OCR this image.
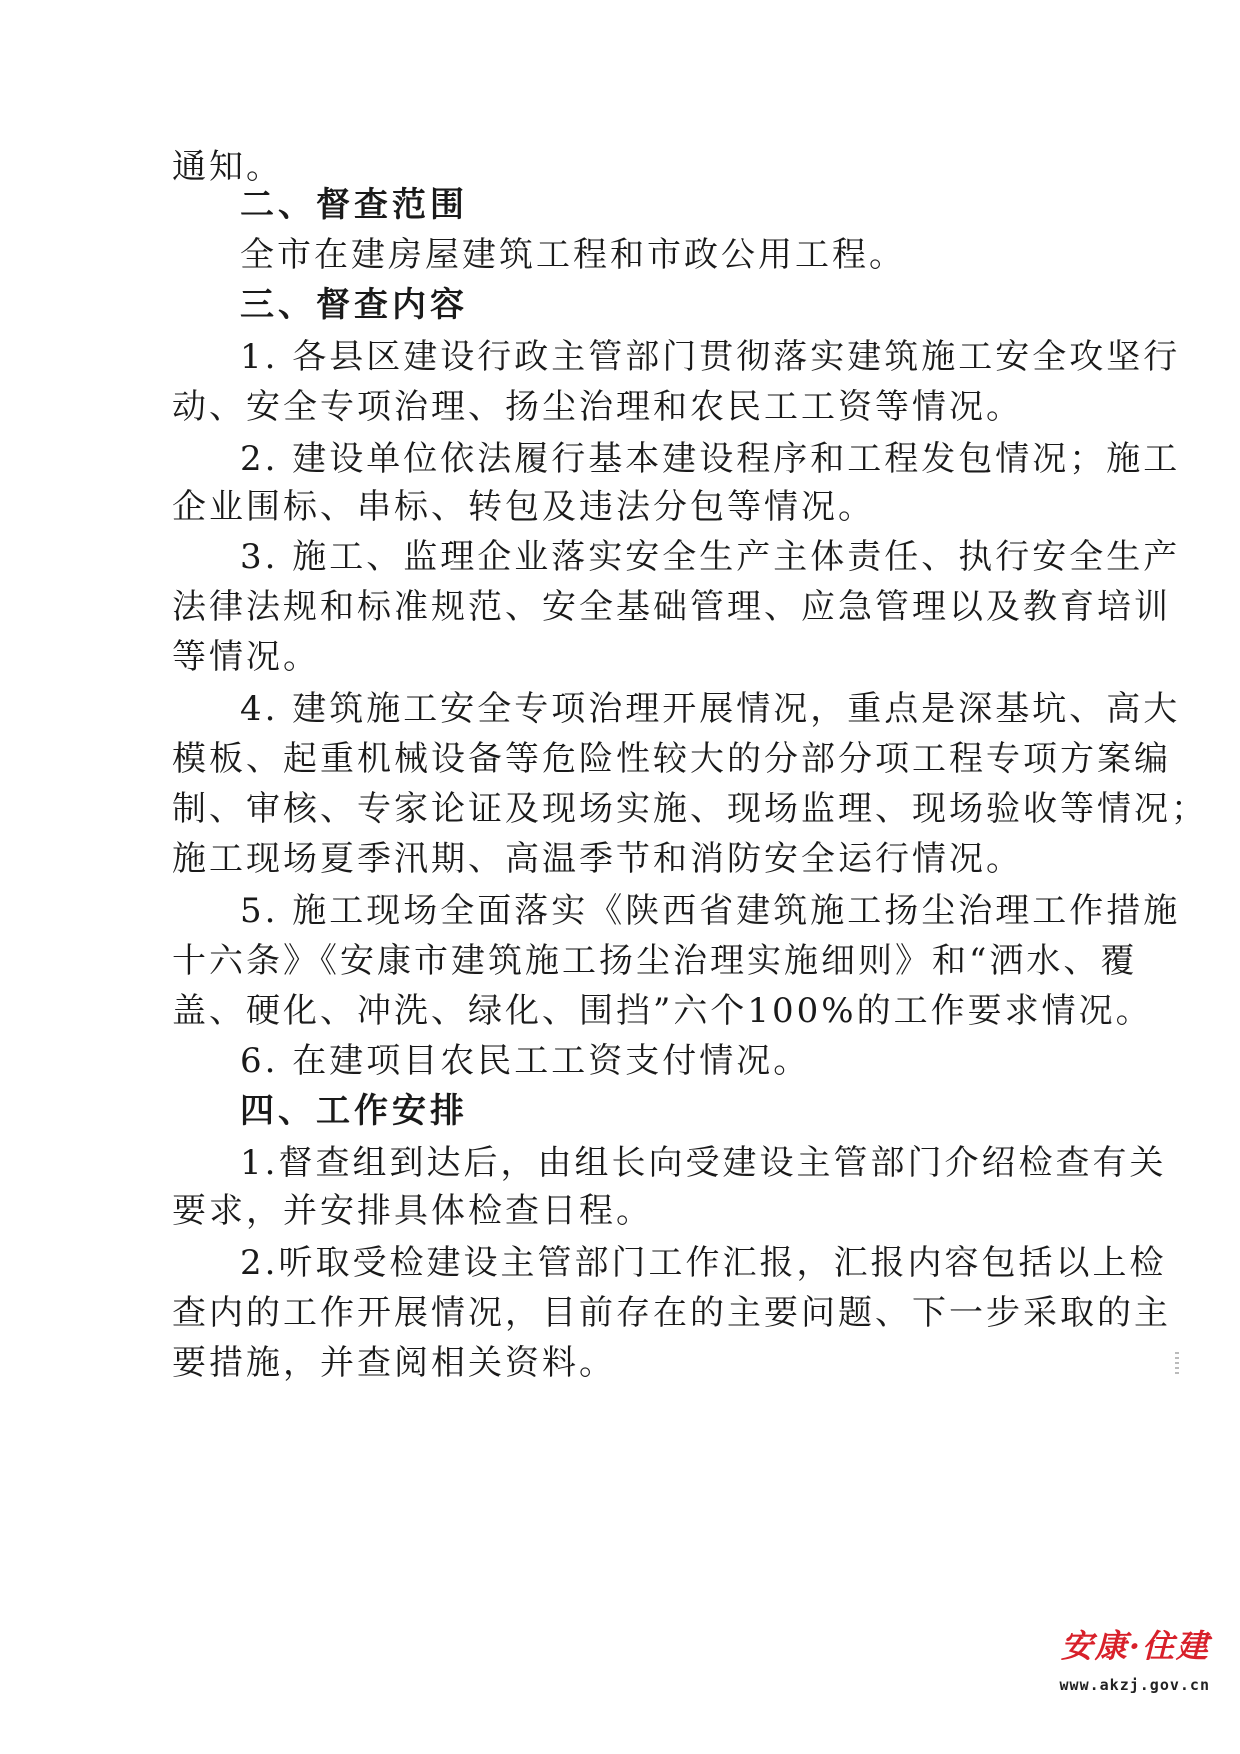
通知。
二、督查范围
全市在建房屋建筑工程和市政公用工程。
三、督查内容
1. 各县区建设行政主管部门贯彻落实建筑施工安全攻坚行
动、安全专项治理、扬尘治理和农民工工资等情况。
2. 建设单位依法履行基本建设程序和工程发包情况；施工
企业围标、串标、转包及违法分包等情况。
3. 施工、监理企业落实安全生产主体责任、执行安全生产
法律法规和标准规范、安全基础管理、应急管理以及教育培训
等情况。
4. 建筑施工安全专项治理开展情况，重点是深基坑、高大
模板、起重机械设备等危险性较大的分部分项工程专项方案编
制、审核、专家论证及现场实施、现场监理、现场验收等情况；
施工现场夏季汛期、高温季节和消防安全运行情况。
5. 施工现场全面落实《陕西省建筑施工扬尘治理工作措施
十六条》《安康市建筑施工扬尘治理实施细则》和“洒水、覆
盖、硬化、冲洗、绿化、围挡”六个100%的工作要求情况。
6. 在建项目农民工工资支付情况。
四、工作安排
1.督查组到达后，由组长向受建设主管部门介绍检查有关
要求，并安排具体检查日程。
2.听取受检建设主管部门工作汇报，汇报内容包括以上检
查内的工作开展情况，目前存在的主要问题、下一步采取的主
要措施，并查阅相关资料。
安康·住建
www.akzj.gov.cn
